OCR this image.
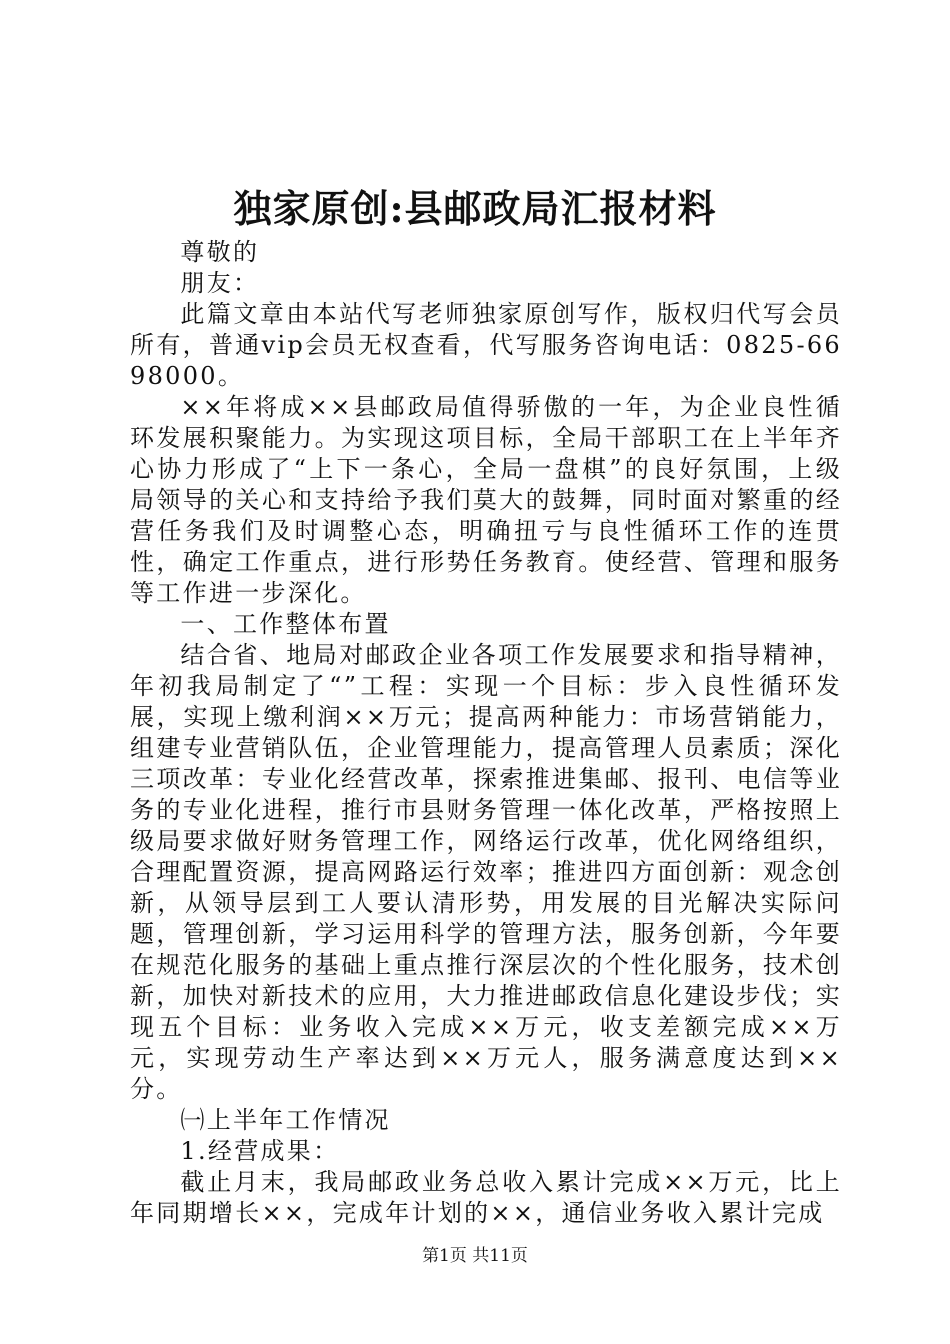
独家原创:县邮政局汇报材料

尊敬的

朋友：

此篇文章由本站代写老师独家原创写作，版权归代写会员所有，普通vip会员无权查看，代写服务咨询电话：0825-6698000。

××年将成××县邮政局值得骄傲的一年，为企业良性循环发展积聚能力。为实现这项目标，全局干部职工在上半年齐心协力形成了“上下一条心，全局一盘棋”的良好氛围，上级局领导的关心和支持给予我们莫大的鼓舞，同时面对繁重的经营任务我们及时调整心态，明确扭亏与良性循环工作的连贯性，确定工作重点，进行形势任务教育。使经营、管理和服务等工作进一步深化。

一、工作整体布置

结合省、地局对邮政企业各项工作发展要求和指导精神，年初我局制定了“”工程：实现一个目标：步入良性循环发展，实现上缴利润××万元；提高两种能力：市场营销能力，组建专业营销队伍，企业管理能力，提高管理人员素质；深化三项改革：专业化经营改革，探索推进集邮、报刊、电信等业务的专业化进程，推行市县财务管理一体化改革，严格按照上级局要求做好财务管理工作，网络运行改革，优化网络组织，合理配置资源，提高网路运行效率；推进四方面创新：观念创新，从领导层到工人要认清形势，用发展的目光解决实际问题，管理创新，学习运用科学的管理方法，服务创新，今年要在规范化服务的基础上重点推行深层次的个性化服务，技术创新，加快对新技术的应用，大力推进邮政信息化建设步伐；实现五个目标：业务收入完成××万元，收支差额完成××万元，实现劳动生产率达到××万元人，服务满意度达到××分。

㈠上半年工作情况

1.经营成果：

截止月末，我局邮政业务总收入累计完成××万元，比上年同期增长××，完成年计划的××，通信业务收入累计完成

第1页 共11页
